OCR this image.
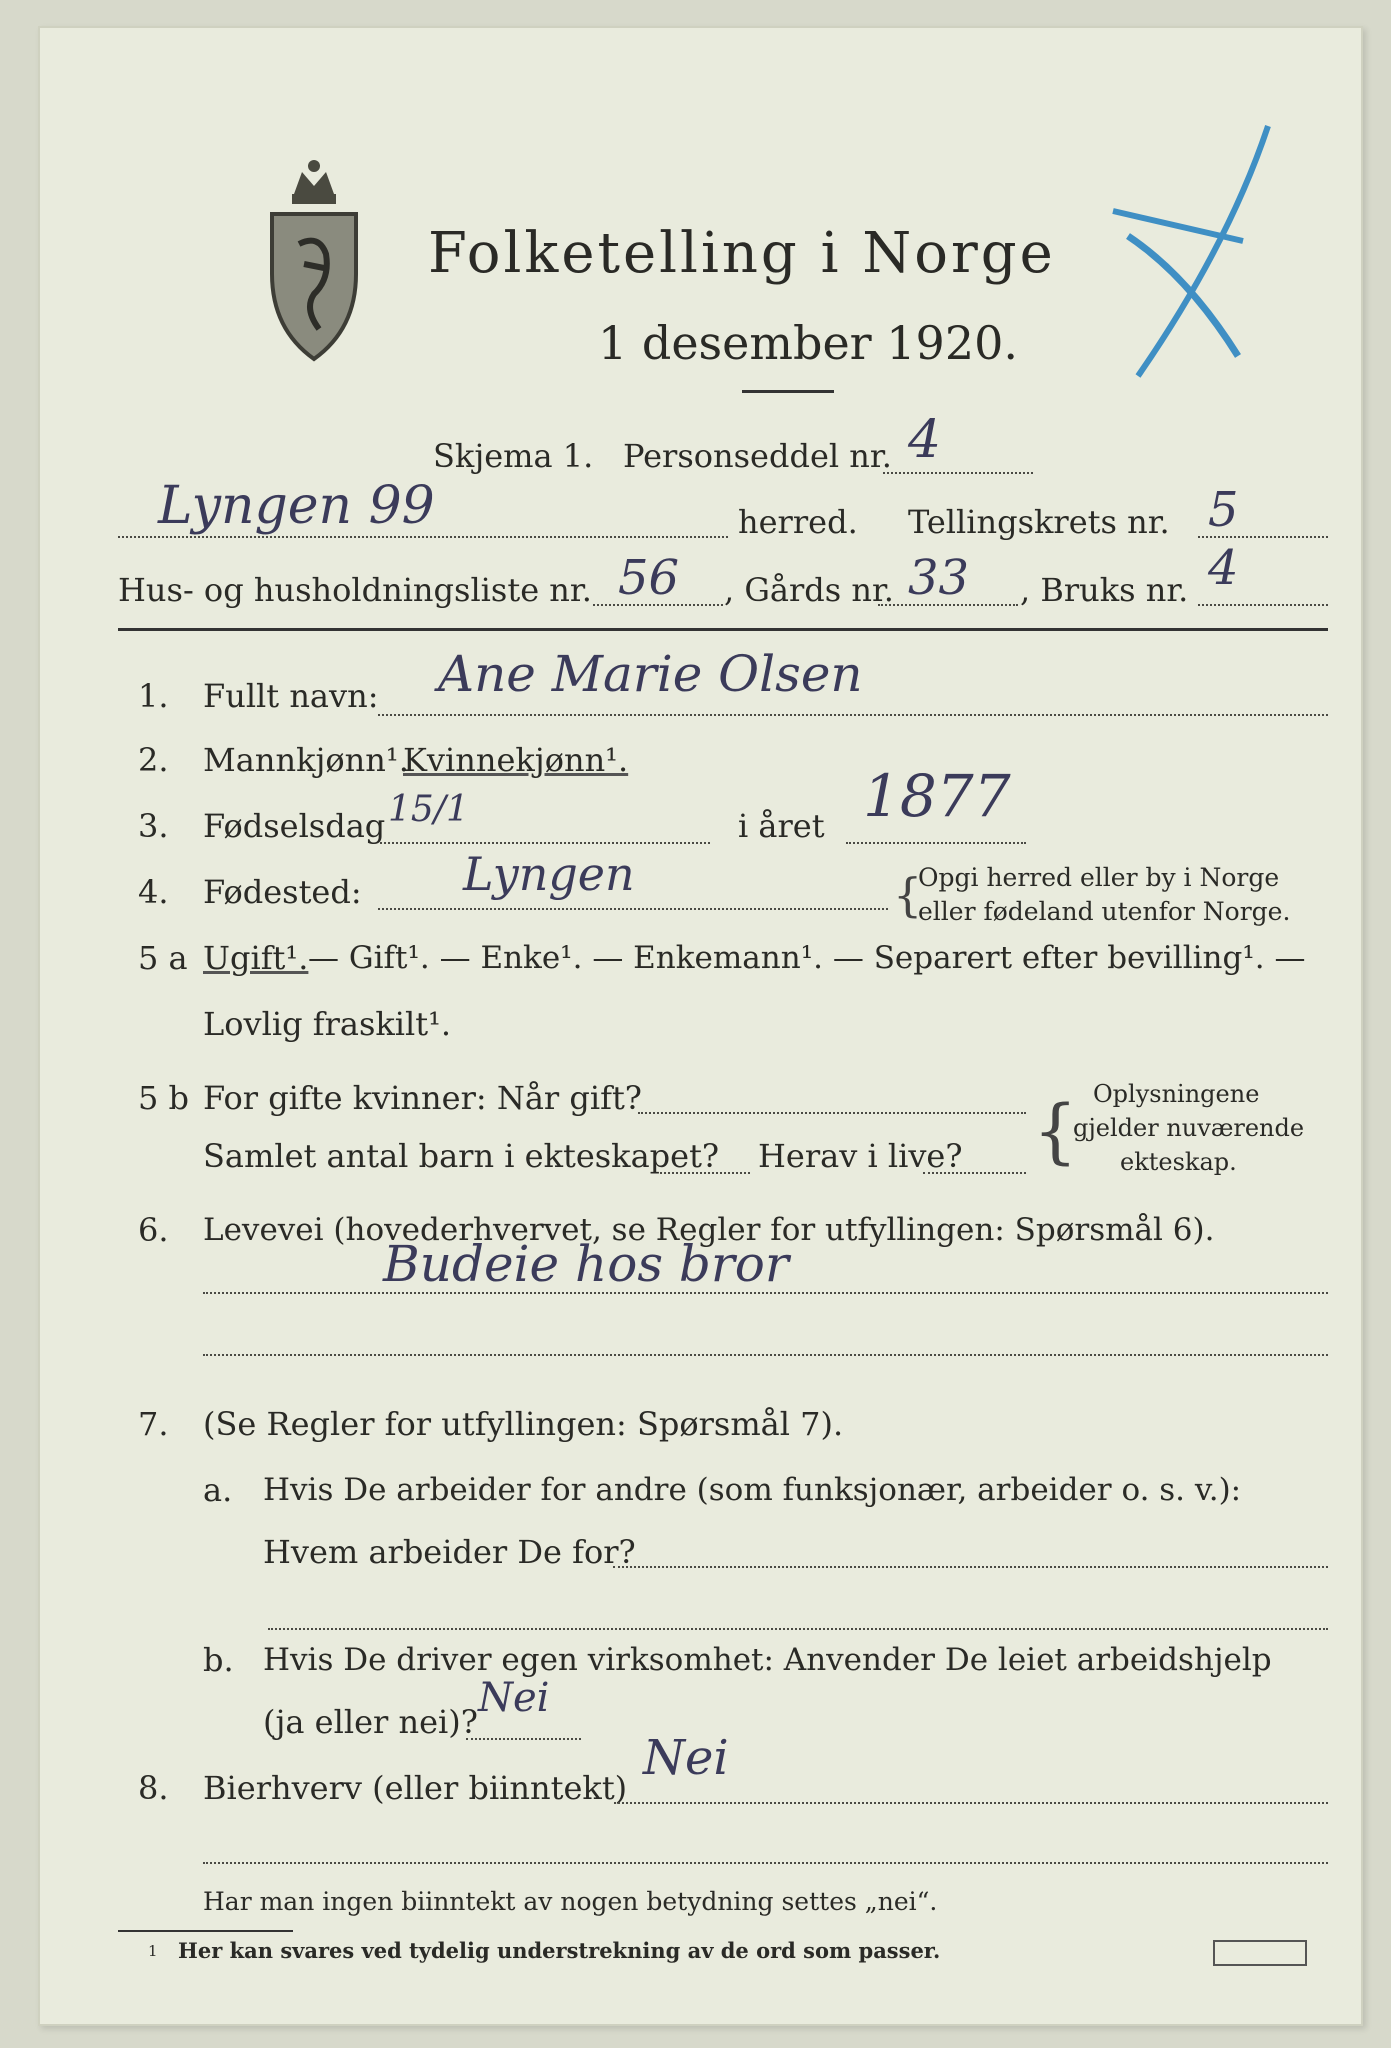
Folketelling i Norge
1 desember 1920.
Skjema 1. Personseddel nr. 4
Lyngen 99	herred. Tellingskrets nr. 5
Hus- og husholdningsliste nr. 56 , Gårds nr. 33 , Bruks nr. 4
1. Fullt navn: Ane Marie Olsen
2. Mannkjønn¹.
Kvinnekjønn¹.
3. Fødselsdag 15/1	i året 1877
4. Fødested: Lyngen	{
Opgi herred eller by i Norge
eller fødeland utenfor Norge.
5 a Ugift¹. — Gift¹. — Enke¹. — Enkemann¹. — Separert efter bevilling¹. —
Lovlig fraskilt¹.
5 b For gifte kvinner: Når gift?
Samlet antal barn i ekteskapet? Herav i live? { Oplysningene
gjelder nuværende
ekteskap.
6. Levevei (hovederhvervet, se Regler for utfyllingen: Spørsmål 6).
Budeie hos bror
7. (Se Regler for utfyllingen: Spørsmål 7).
a. Hvis De arbeider for andre (som funksjonær, arbeider o. s. v.):
Hvem arbeider De for?
b. Hvis De driver egen virksomhet: Anvender De leiet arbeidshjelp
(ja eller nei)?
Nei
8. Bierhverv (eller biinntekt)
Nei
Har man ingen biinntekt av nogen betydning settes „nei“.
1 Her kan svares ved tydelig understrekning av de ord som passer.
